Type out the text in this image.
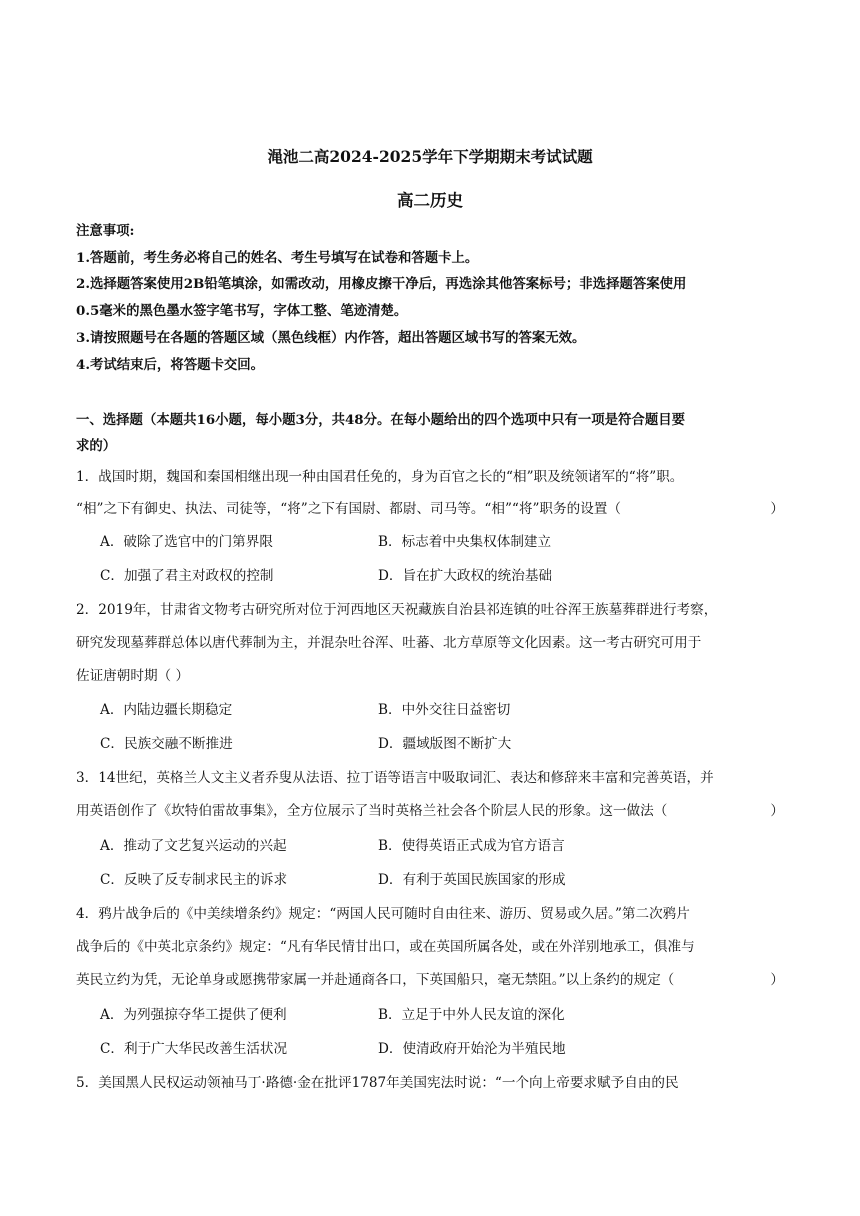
渑池二高2024-2025学年下学期期末考试试题
高二历史
注意事项:
1.答题前，考生务必将自己的姓名、考生号填写在试卷和答题卡上。
2.选择题答案使用2B铅笔填涂，如需改动，用橡皮擦干净后，再选涂其他答案标号；非选择题答案使用
0.5毫米的黑色墨水签字笔书写，字体工整、笔迹清楚。
3.请按照题号在各题的答题区域（黑色线框）内作答，超出答题区域书写的答案无效。
4.考试结束后，将答题卡交回。
一、选择题（本题共16小题，每小题3分，共48分。在每小题给出的四个选项中只有一项是符合题目要
求的）
1．战国时期，魏国和秦国相继出现一种由国君任免的，身为百官之长的“相”职及统领诸军的“将”职。
“相”之下有御史、执法、司徒等，“将”之下有国尉、都尉、司马等。“相”“将”职务的设置（	）
A．破除了选官中的门第界限	B．标志着中央集权体制建立
C．加强了君主对政权的控制	D．旨在扩大政权的统治基础
2．2019年，甘肃省文物考古研究所对位于河西地区天祝藏族自治县祁连镇的吐谷浑王族墓葬群进行考察，
研究发现墓葬群总体以唐代葬制为主，并混杂吐谷浑、吐蕃、北方草原等文化因素。这一考古研究可用于
佐证唐朝时期（ ）
A．内陆边疆长期稳定	B．中外交往日益密切
C．民族交融不断推进	D．疆域版图不断扩大
3．14世纪，英格兰人文主义者乔叟从法语、拉丁语等语言中吸取词汇、表达和修辞来丰富和完善英语，并
用英语创作了《坎特伯雷故事集》，全方位展示了当时英格兰社会各个阶层人民的形象。这一做法（	）
A．推动了文艺复兴运动的兴起	B．使得英语正式成为官方语言
C．反映了反专制求民主的诉求	D．有利于英国民族国家的形成
4．鸦片战争后的《中美续增条约》规定：“两国人民可随时自由往来、游历、贸易或久居。”第二次鸦片
战争后的《中英北京条约》规定：“凡有华民情甘出口，或在英国所属各处，或在外洋别地承工，俱准与
英民立约为凭，无论单身或愿携带家属一并赴通商各口，下英国船只，毫无禁阻。”以上条约的规定（	）
A．为列强掠夺华工提供了便利	B．立足于中外人民友谊的深化
C．利于广大华民改善生活状况	D．使清政府开始沦为半殖民地
5．美国黑人民权运动领袖马丁·路德·金在批评1787年美国宪法时说：“一个向上帝要求赋予自由的民
